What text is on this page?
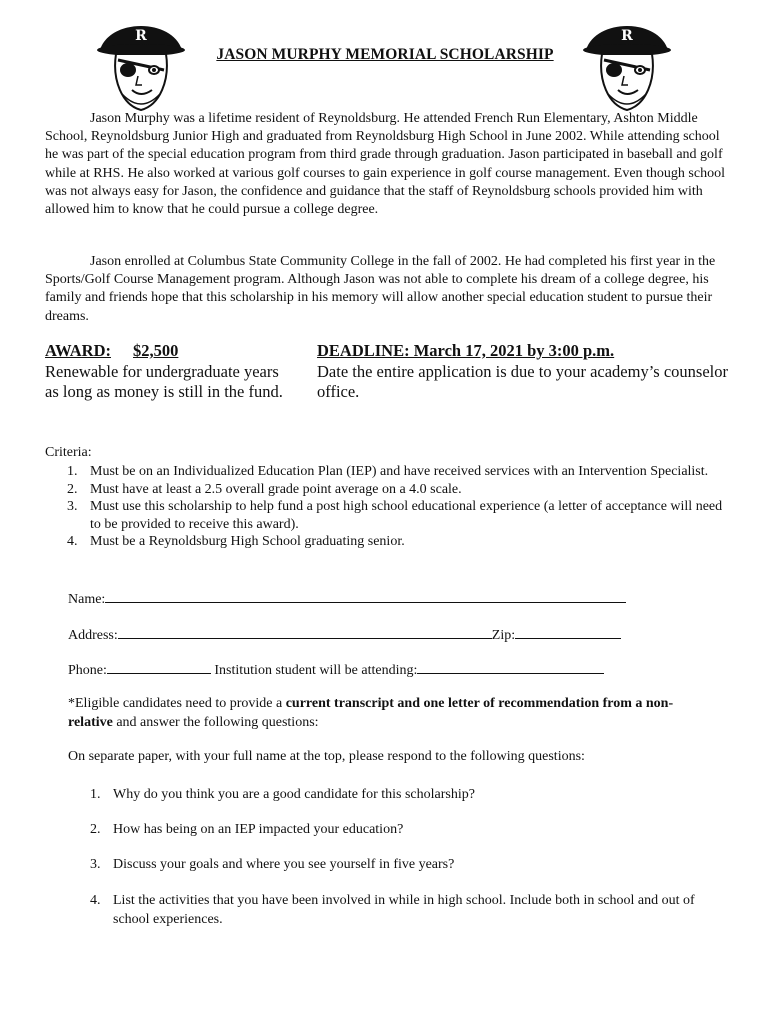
R	R
JASON MURPHY MEMORIAL SCHOLARSHIP

Jason Murphy was a lifetime resident of Reynoldsburg. He attended French Run Elementary, Ashton Middle School, Reynoldsburg Junior High and graduated from Reynoldsburg High School in June 2002. While attending school he was part of the special education program from third grade through graduation. Jason participated in baseball and golf while at RHS. He also worked at various golf courses to gain experience in golf course management. Even though school was not always easy for Jason, the confidence and guidance that the staff of Reynoldsburg schools provided him with allowed him to know that he could pursue a college degree.

Jason enrolled at Columbus State Community College in the fall of 2002. He had completed his first year in the Sports/Golf Course Management program. Although Jason was not able to complete his dream of a college degree, his family and friends hope that this scholarship in his memory will allow another special education student to pursue their dreams.

AWARD: $2,500
Renewable for undergraduate years as long as money is still in the fund.
DEADLINE: March 17, 2021 by 3:00 p.m.
Date the entire application is due to your academy’s counselor office.
Criteria:
1. Must be on an Individualized Education Plan (IEP) and have received services with an Intervention Specialist.
2. Must have at least a 2.5 overall grade point average on a 4.0 scale.
3. Must use this scholarship to help fund a post high school educational experience (a letter of acceptance will need to be provided to receive this award).
4. Must be a Reynoldsburg High School graduating senior.
Name:
Address:	Zip:
Phone:	Institution student will be attending:
*Eligible candidates need to provide a current transcript and one letter of recommendation from a non-relative and answer the following questions:
On separate paper, with your full name at the top, please respond to the following questions:
1. Why do you think you are a good candidate for this scholarship?
2. How has being on an IEP impacted your education?
3. Discuss your goals and where you see yourself in five years?
4. List the activities that you have been involved in while in high school. Include both in school and out of school experiences.
